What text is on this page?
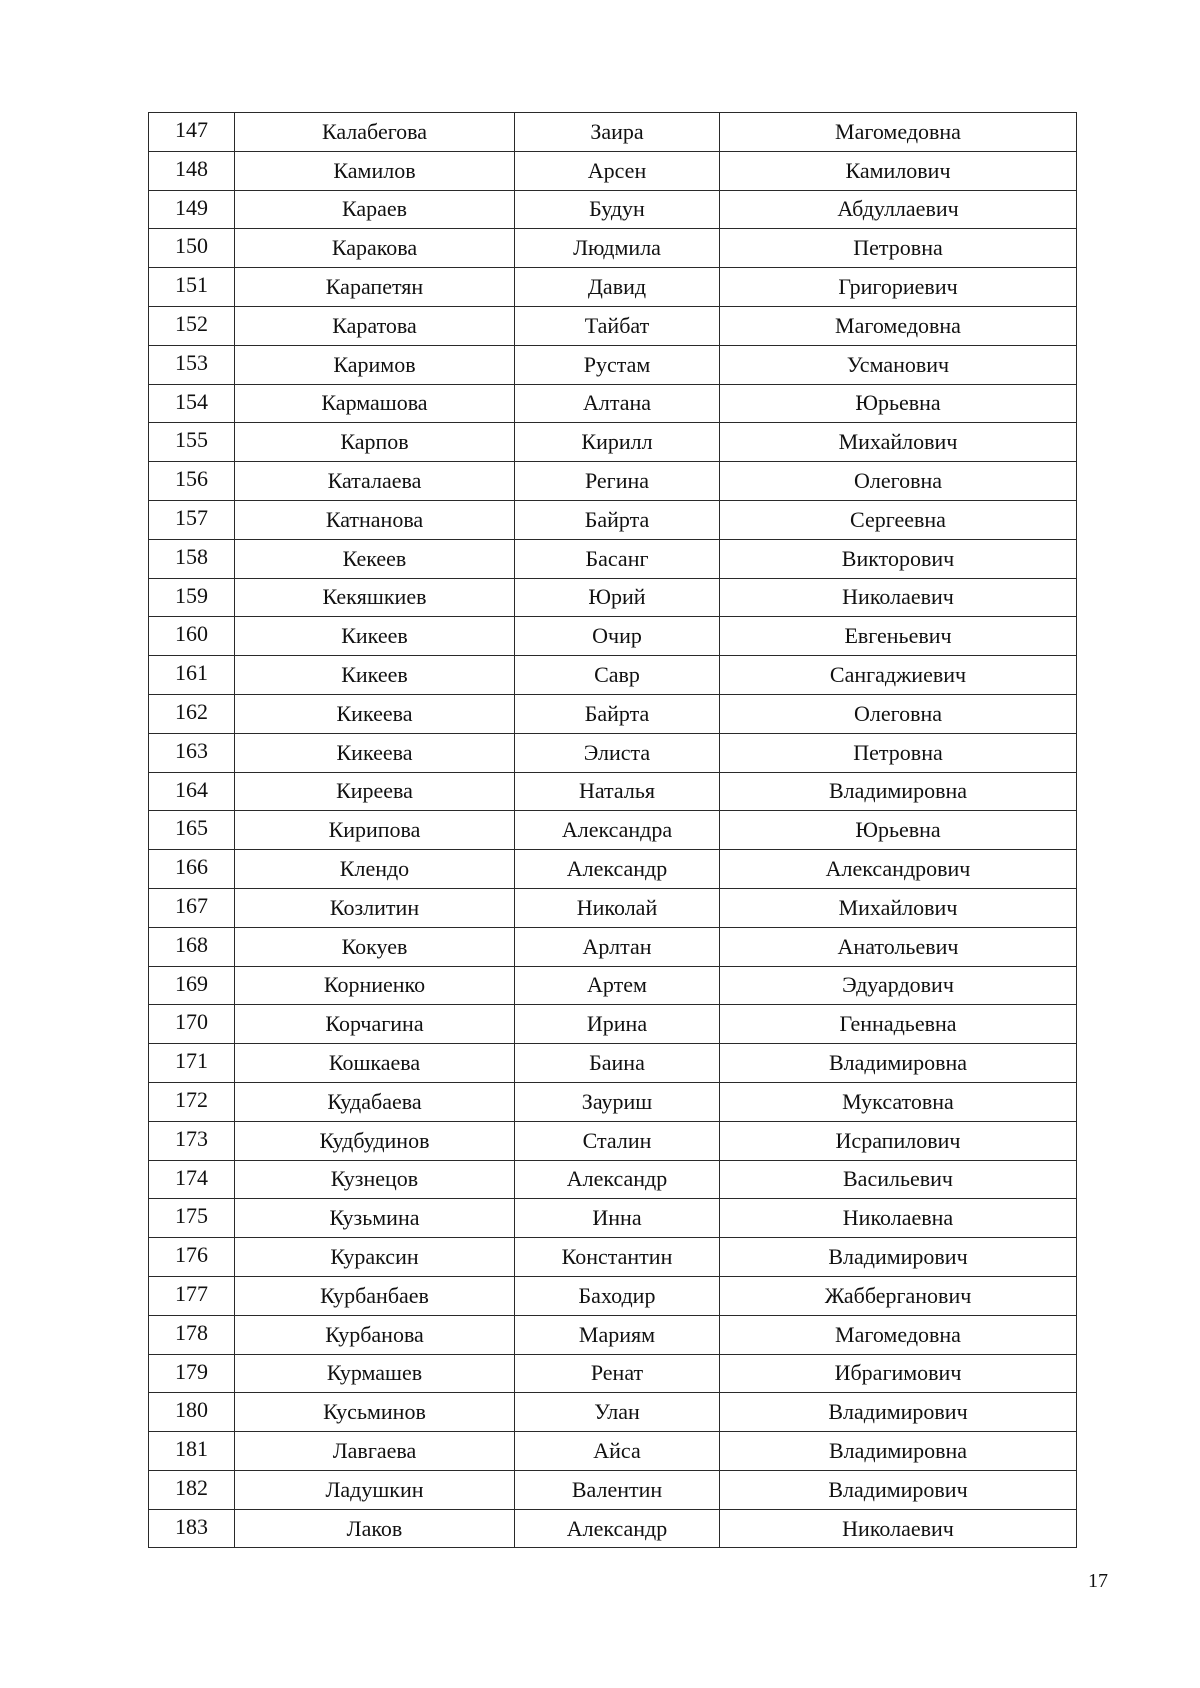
147	Калабегова	Заира	Магомедовна
148	Камилов	Арсен	Камилович
149	Караев	Будун	Абдуллаевич
150	Каракова	Людмила	Петровна
151	Карапетян	Давид	Григориевич
152	Каратова	Тайбат	Магомедовна
153	Каримов	Рустам	Усманович
154	Кармашова	Алтана	Юрьевна
155	Карпов	Кирилл	Михайлович
156	Каталаева	Регина	Олеговна
157	Катнанова	Байрта	Сергеевна
158	Кекеев	Басанг	Викторович
159	Кекяшкиев	Юрий	Николаевич
160	Кикеев	Очир	Евгеньевич
161	Кикеев	Савр	Сангаджиевич
162	Кикеева	Байрта	Олеговна
163	Кикеева	Элиста	Петровна
164	Киреева	Наталья	Владимировна
165	Кирипова	Александра	Юрьевна
166	Клендо	Александр	Александрович
167	Козлитин	Николай	Михайлович
168	Кокуев	Арлтан	Анатольевич
169	Корниенко	Артем	Эдуардович
170	Корчагина	Ирина	Геннадьевна
171	Кошкаева	Баина	Владимировна
172	Кудабаева	Зауриш	Муксатовна
173	Кудбудинов	Сталин	Исрапилович
174	Кузнецов	Александр	Васильевич
175	Кузьмина	Инна	Николаевна
176	Кураксин	Константин	Владимирович
177	Курбанбаев	Баходир	Жабберганович
178	Курбанова	Мариям	Магомедовна
179	Курмашев	Ренат	Ибрагимович
180	Кусьминов	Улан	Владимирович
181	Лавгаева	Айса	Владимировна
182	Ладушкин	Валентин	Владимирович
183	Лаков	Александр	Николаевич
17
